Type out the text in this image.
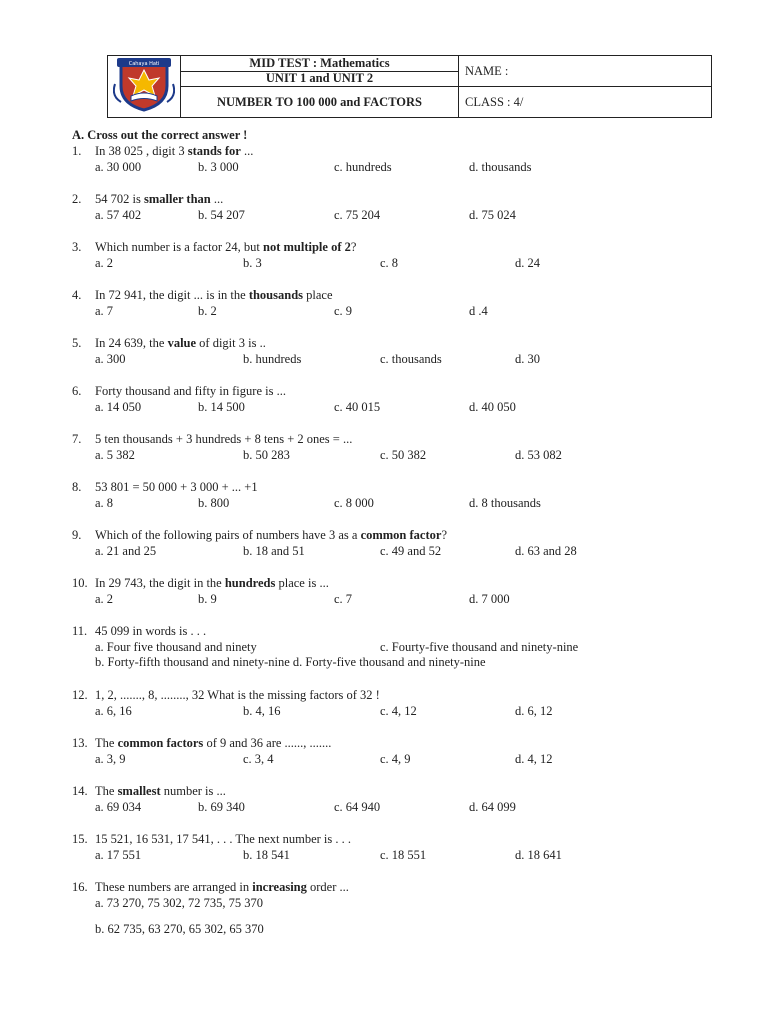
Cahaya Hati	MID TEST : Mathematics	NAME :
	UNIT 1 and UNIT 2	
	NUMBER TO 100 000 and FACTORS	CLASS : 4/
A. Cross out the correct answer !
1. In 38 025 , digit 3 stands for ...
a. 30 000	b. 3 000	c. hundreds	d. thousands
2. 54 702 is smaller than ...
a. 57 402	b. 54 207	c. 75 204	d. 75 024
3. Which number is a factor 24, but not multiple of 2?
a. 2	b. 3	c. 8	d. 24
4. In 72 941, the digit ... is in the thousands place
a. 7	b. 2	c. 9	d .4
5. In 24 639, the value of digit 3 is ..
a. 300	b. hundreds	c. thousands	d. 30
6. Forty thousand and fifty in figure is ...
a. 14 050	b. 14 500	c. 40 015	d. 40 050
7. 5 ten thousands + 3 hundreds + 8 tens + 2 ones = ...
a. 5 382	b. 50 283	c. 50 382	d. 53 082
8. 53 801 = 50 000 + 3 000 + ... +1
a. 8	b. 800	c. 8 000	d. 8 thousands
9. Which of the following pairs of numbers have 3 as a common factor?
a. 21 and 25	b. 18 and 51	c. 49 and 52	d. 63 and 28
10. In 29 743, the digit in the hundreds place is ...
a. 2	b. 9	c. 7	d. 7 000
11. 45 099 in words is . . .
a. Four five thousand and ninety	c. Fourty-five thousand and ninety-nine
b. Forty-fifth thousand and ninety-nine d. Forty-five thousand and ninety-nine
12. 1, 2, ......., 8, ........, 32 What is the missing factors of 32 !
a. 6, 16	b. 4, 16	c. 4, 12	d. 6, 12
13. The common factors of 9 and 36 are ......, .......
a. 3, 9	c. 3, 4	c. 4, 9	d. 4, 12
14. The smallest number is ...
a. 69 034	b. 69 340	c. 64 940	d. 64 099
15. 15 521, 16 531, 17 541, . . . The next number is . . .
a. 17 551	b. 18 541	c. 18 551	d. 18 641
16. These numbers are arranged in increasing order ...
a. 73 270, 75 302, 72 735, 75 370
b. 62 735, 63 270, 65 302, 65 370
